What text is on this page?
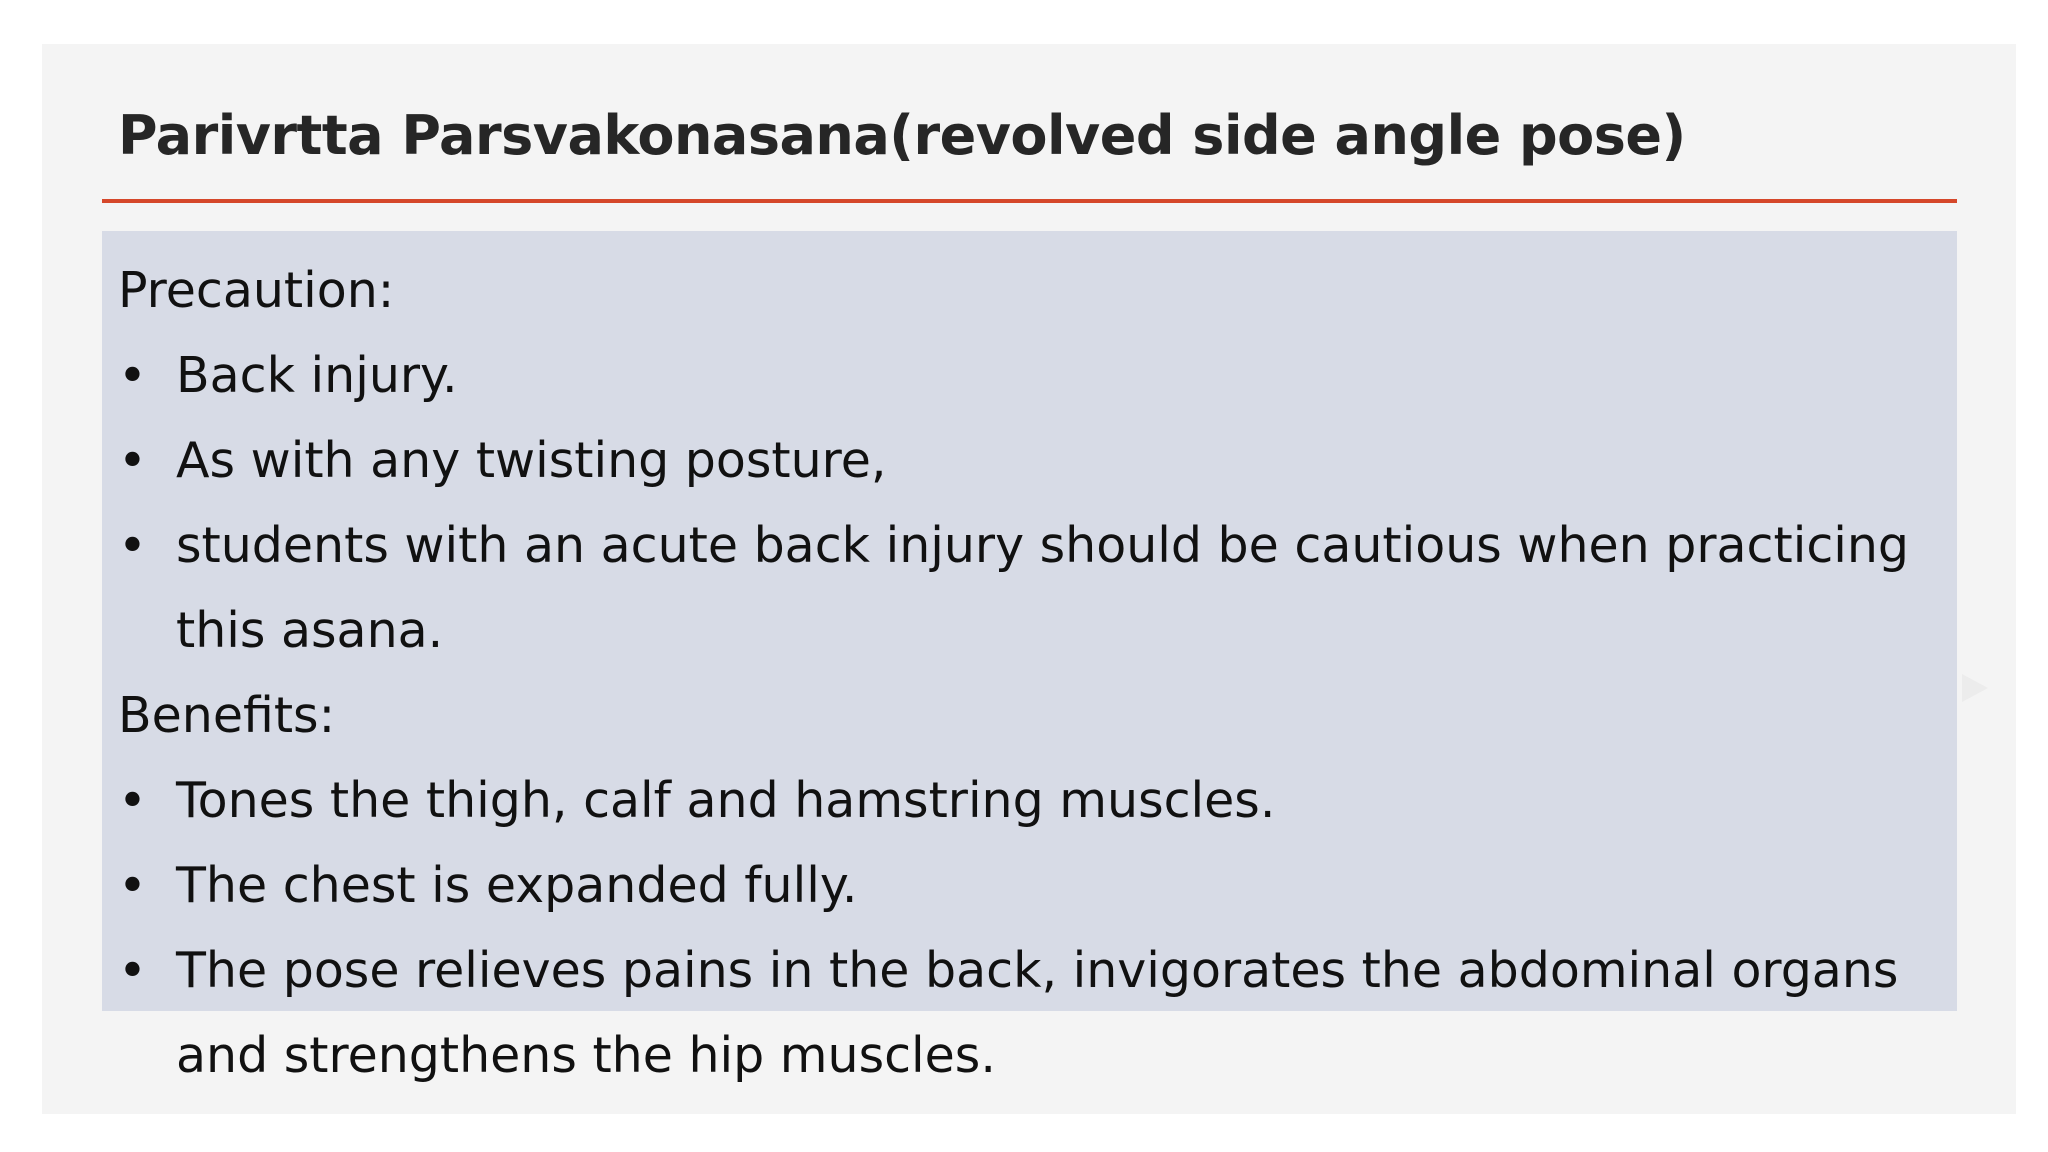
Parivrtta Parsvakonasana(revolved side angle pose)

Precaution:

• Back injury.
• As with any twisting posture,
• students with an acute back injury should be cautious when practicing this asana.

Benefits:

• Tones the thigh, calf and hamstring muscles.
• The chest is expanded fully.
• The pose relieves pains in the back, invigorates the abdominal organs and strengthens the hip muscles.
